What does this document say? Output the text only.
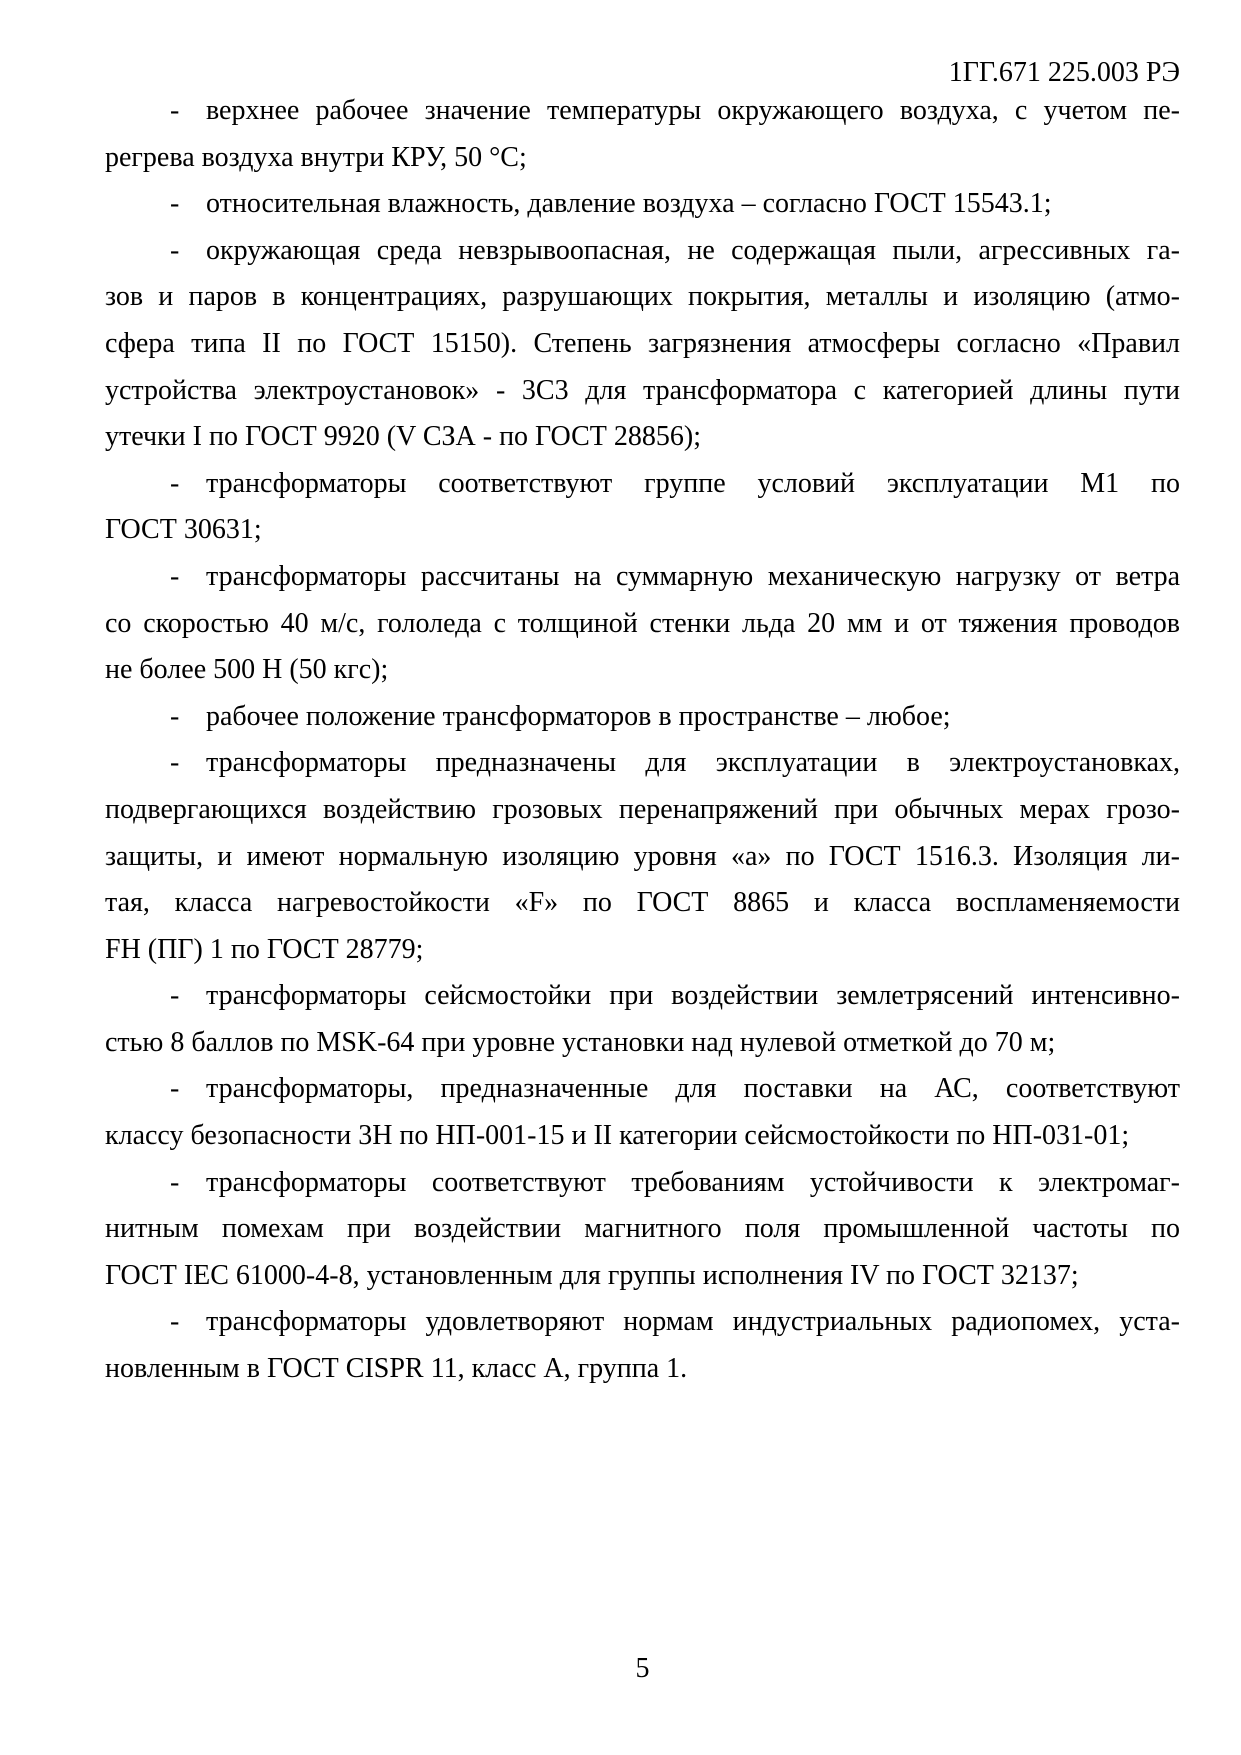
1ГГ.671 225.003 РЭ
- верхнее рабочее значение температуры окружающего воздуха, с учетом пе-
регрева воздуха внутри КРУ, 50 °С;
- относительная влажность, давление воздуха – согласно ГОСТ 15543.1;
- окружающая среда невзрывоопасная, не содержащая пыли, агрессивных га-
зов и паров в концентрациях, разрушающих покрытия, металлы и изоляцию (атмо-
сфера типа II по ГОСТ 15150). Степень загрязнения атмосферы согласно «Правил
устройства электроустановок» - 3С3 для трансформатора с категорией длины пути
утечки I по ГОСТ 9920 (V СЗА - по ГОСТ 28856);
- трансформаторы соответствуют группе условий эксплуатации М1 по
ГОСТ 30631;
- трансформаторы рассчитаны на суммарную механическую нагрузку от ветра
со скоростью 40 м/с, гололеда с толщиной стенки льда 20 мм и от тяжения проводов
не более 500 Н (50 кгс);
- рабочее положение трансформаторов в пространстве – любое;
- трансформаторы предназначены для эксплуатации в электроустановках,
подвергающихся воздействию грозовых перенапряжений при обычных мерах грозо-
защиты, и имеют нормальную изоляцию уровня «а» по ГОСТ 1516.3. Изоляция ли-
тая, класса нагревостойкости «F» по ГОСТ 8865 и класса воспламеняемости
FH (ПГ) 1 по ГОСТ 28779;
- трансформаторы сейсмостойки при воздействии землетрясений интенсивно-
стью 8 баллов по MSK-64 при уровне установки над нулевой отметкой до 70 м;
- трансформаторы, предназначенные для поставки на АС, соответствуют
классу безопасности 3Н по НП-001-15 и II категории сейсмостойкости по НП-031-01;
- трансформаторы соответствуют требованиям устойчивости к электромаг-
нитным помехам при воздействии магнитного поля промышленной частоты по
ГОСТ IEC 61000-4-8, установленным для группы исполнения IV по ГОСТ 32137;
- трансформаторы удовлетворяют нормам индустриальных радиопомех, уста-
новленным в ГОСТ CISPR 11, класс А, группа 1.
5
